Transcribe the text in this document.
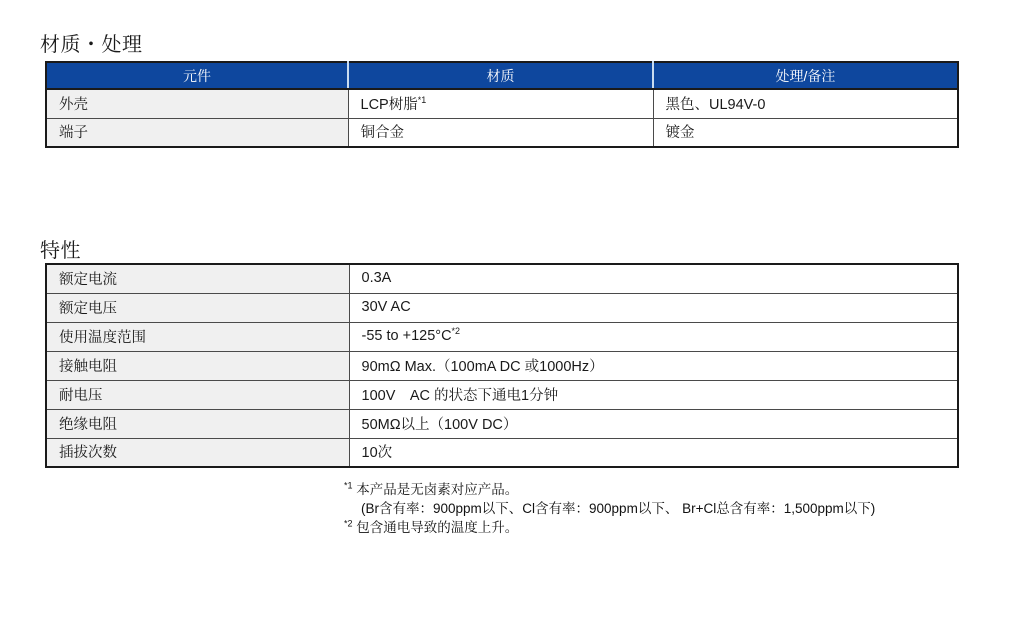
材质・处理
元件	材质	处理/备注
外壳	LCP树脂$^{*1}$	黑色、UL94V-0
端子	铜合金	镀金
特性
额定电流	0.3A
额定电压	30V AC
使用温度范围	-55 to +125°C$^{*2}$
接触电阻	90mΩ Max.（100mA DC 或1000Hz）
耐电压	100V　AC 的状态下通电1分钟
绝缘电阻	50MΩ以上（100V DC）
插拔次数	10次
$^{*1}$ 本产品是无卤素对应产品。
(Br含有率：900ppm以下、Cl含有率：900ppm以下、 Br+Cl总含有率：1,500ppm以下)
$^{*2}$ 包含通电导致的温度上升。
